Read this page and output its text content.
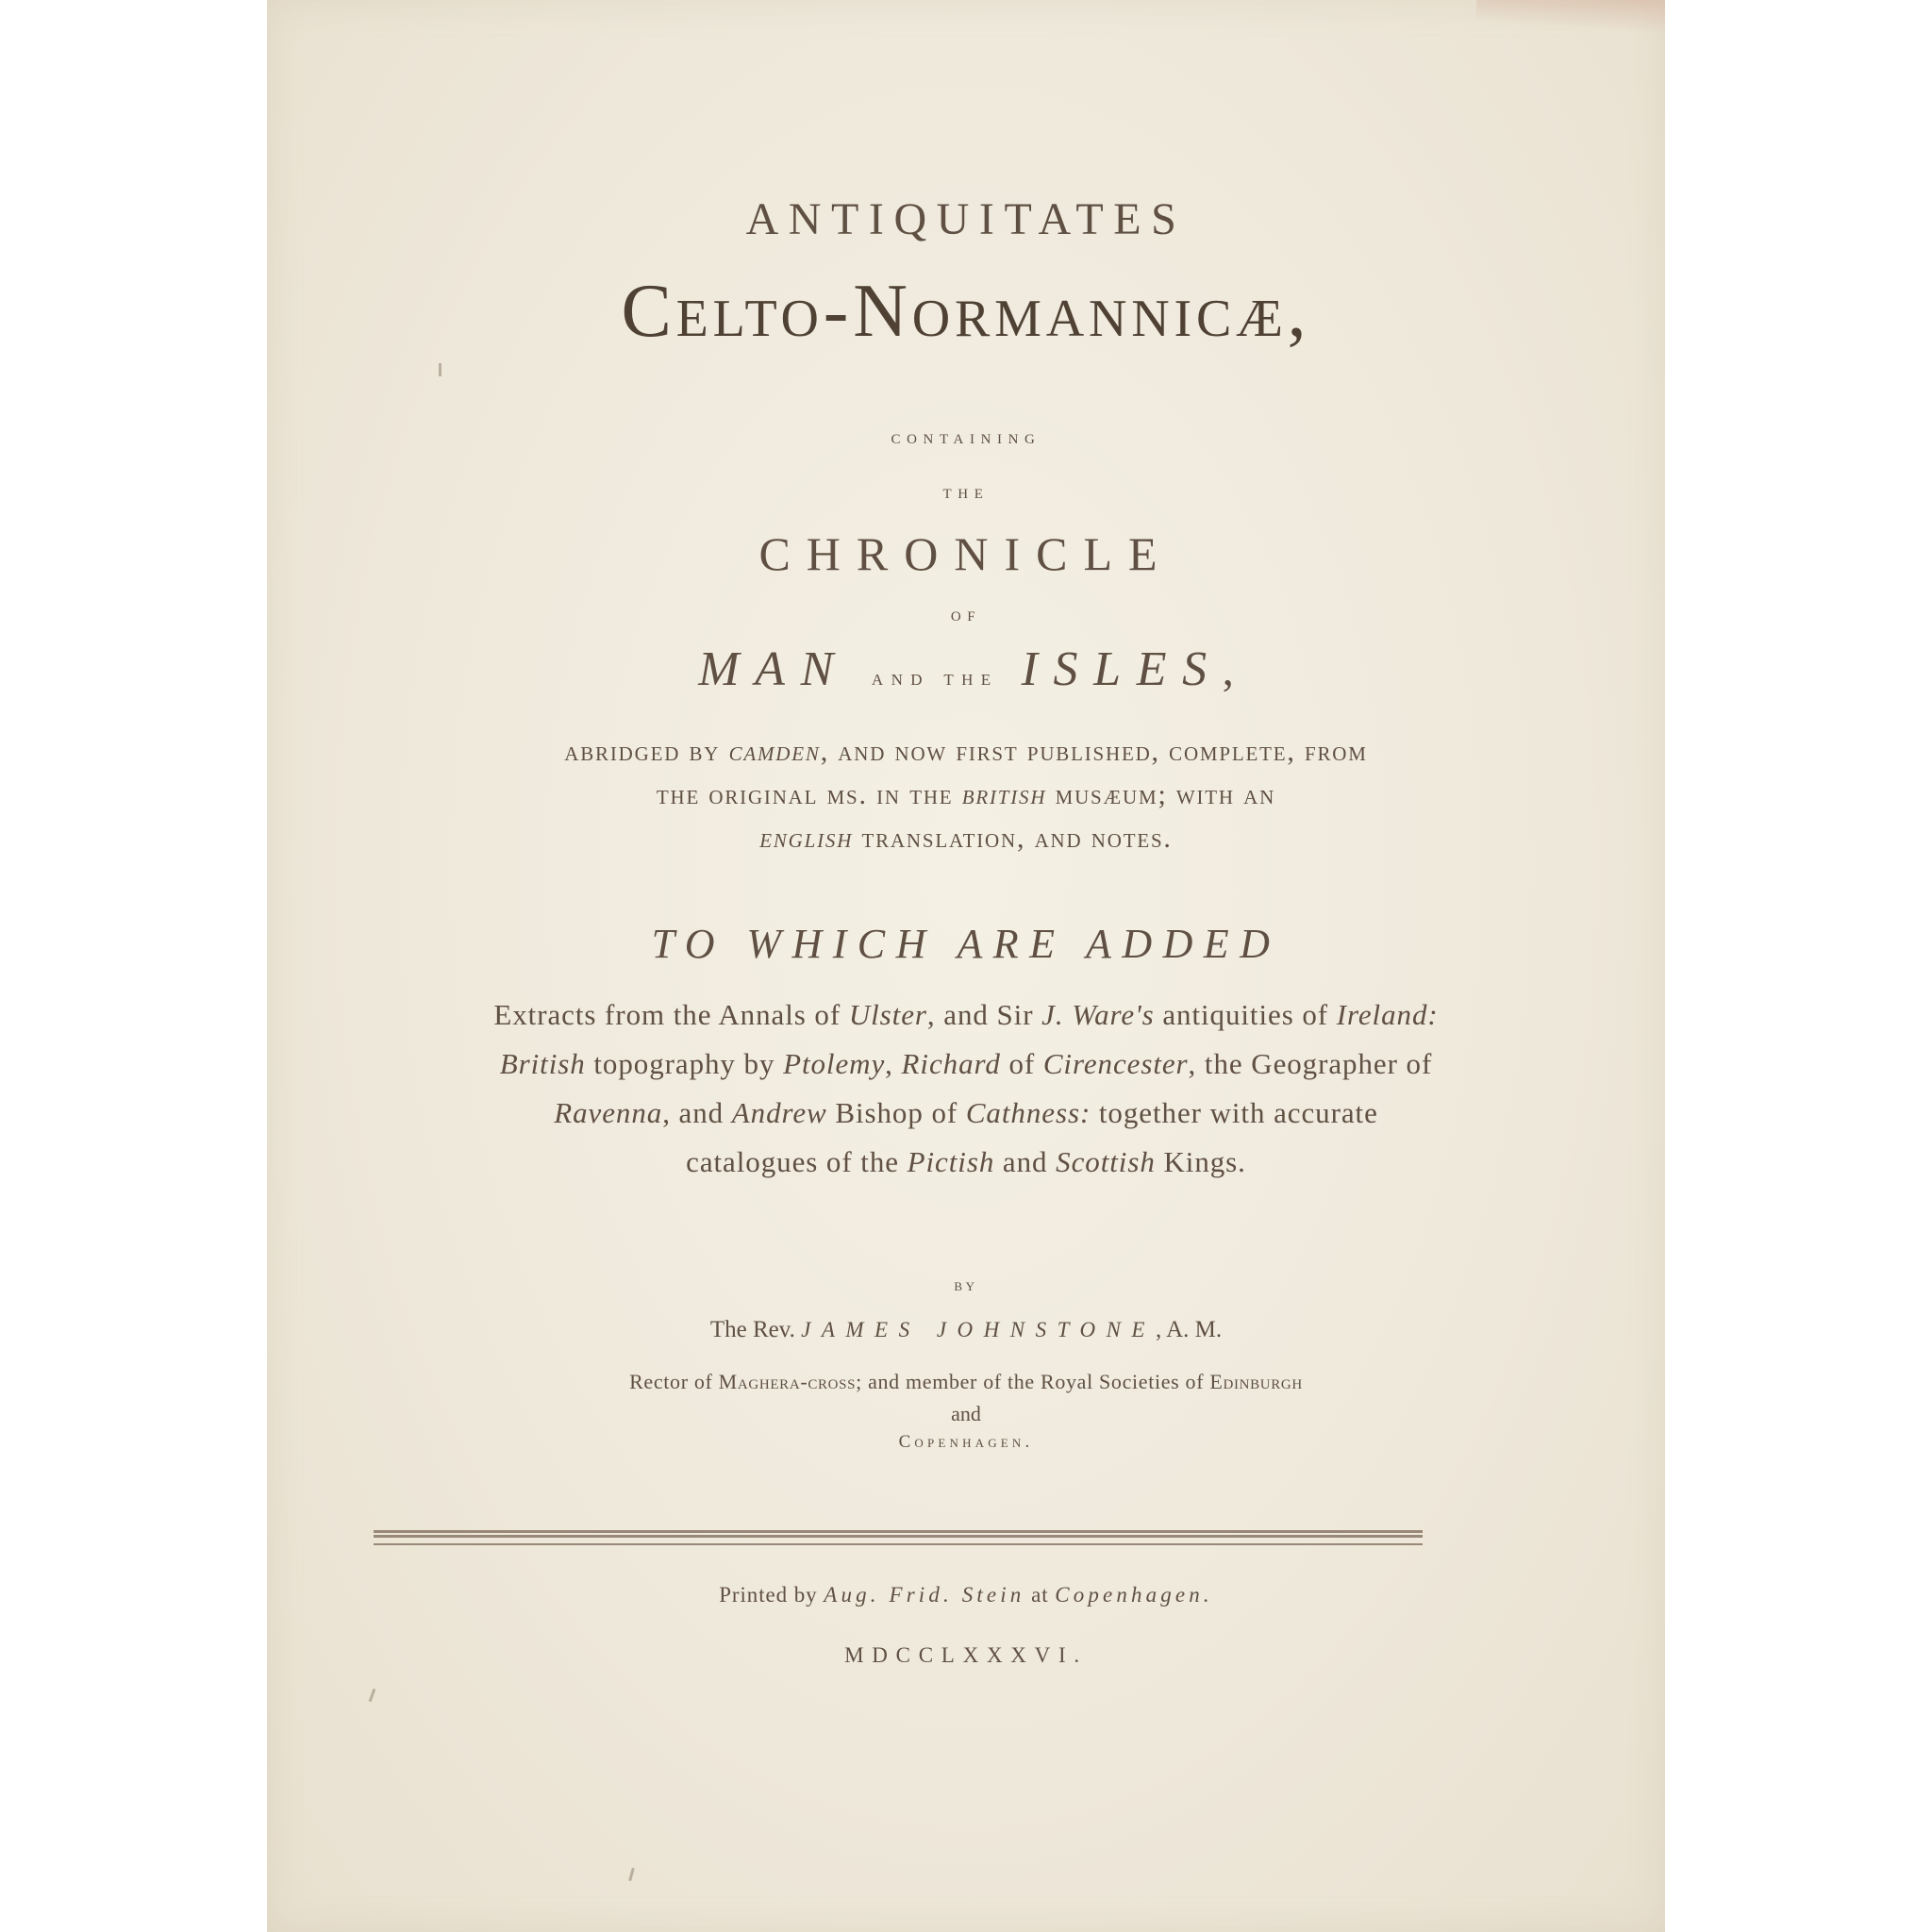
ANTIQUITATES
Celto-Normannicæ,
containing
the
CHRONICLE
of
MAN and the ISLES,
abridged by camden, and now first published, complete, from
the original ms. in the british musæum; with an
english translation, and notes.
TO WHICH ARE ADDED
Extracts from the Annals of Ulster, and Sir J. Ware's antiquities of Ireland:
British topography by Ptolemy, Richard of Cirencester, the Geographer of
Ravenna, and Andrew Bishop of Cathness: together with accurate
catalogues of the Pictish and Scottish Kings.
by
The Rev. JAMES JOHNSTONE, A. M.
Rector of Maghera-cross; and member of the Royal Societies of Edinburgh
and
Copenhagen.
Printed by Aug. Frid. Stein at Copenhagen.
MDCCLXXXVI.
